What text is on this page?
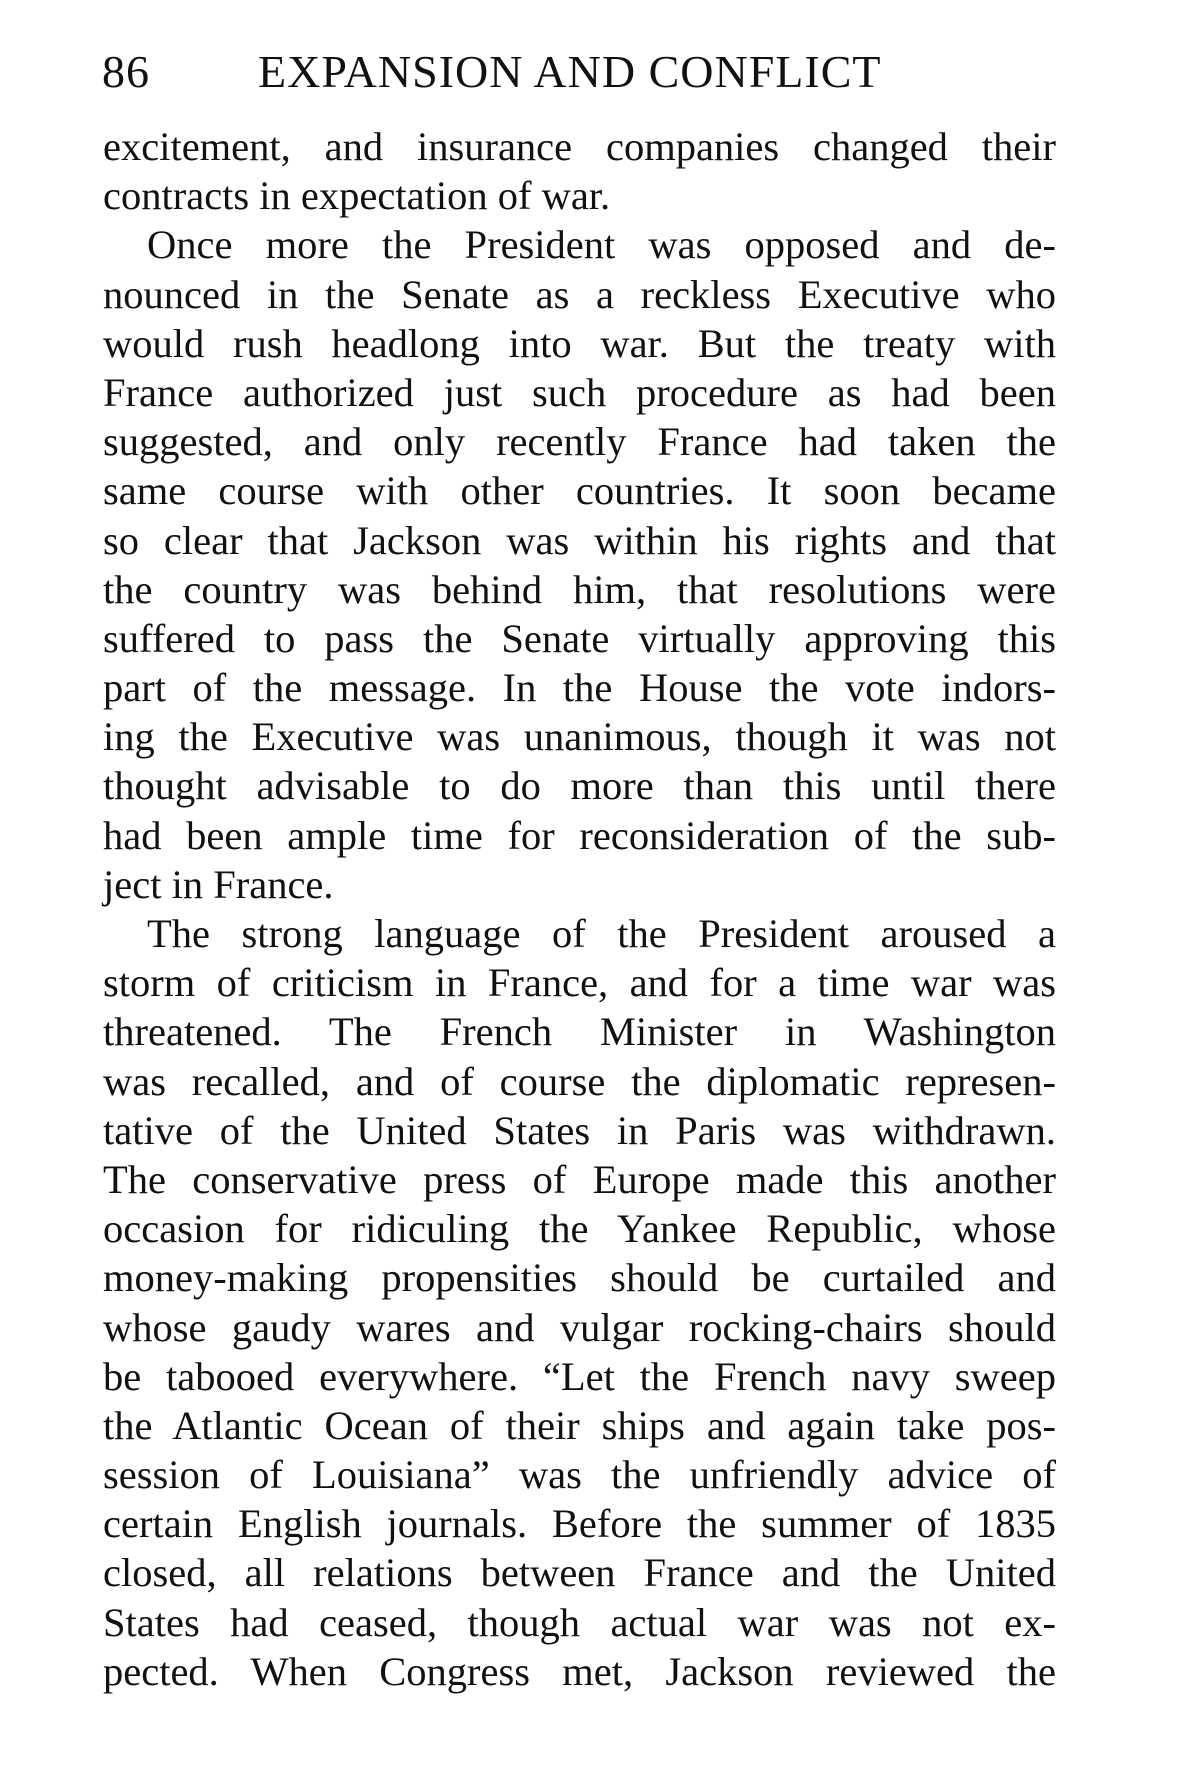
86 EXPANSION AND CONFLICT
excitement, and insurance companies changed their
contracts in expectation of war.
Once more the President was opposed and de-
nounced in the Senate as a reckless Executive who
would rush headlong into war. But the treaty with
France authorized just such procedure as had been
suggested, and only recently France had taken the
same course with other countries. It soon became
so clear that Jackson was within his rights and that
the country was behind him, that resolutions were
suffered to pass the Senate virtually approving this
part of the message. In the House the vote indors-
ing the Executive was unanimous, though it was not
thought advisable to do more than this until there
had been ample time for reconsideration of the sub-
ject in France.
The strong language of the President aroused a
storm of criticism in France, and for a time war was
threatened. The French Minister in Washington
was recalled, and of course the diplomatic represen-
tative of the United States in Paris was withdrawn.
The conservative press of Europe made this another
occasion for ridiculing the Yankee Republic, whose
money-making propensities should be curtailed and
whose gaudy wares and vulgar rocking-chairs should
be tabooed everywhere. “Let the French navy sweep
the Atlantic Ocean of their ships and again take pos-
session of Louisiana” was the unfriendly advice of
certain English journals. Before the summer of 1835
closed, all relations between France and the United
States had ceased, though actual war was not ex-
pected. When Congress met, Jackson reviewed the
